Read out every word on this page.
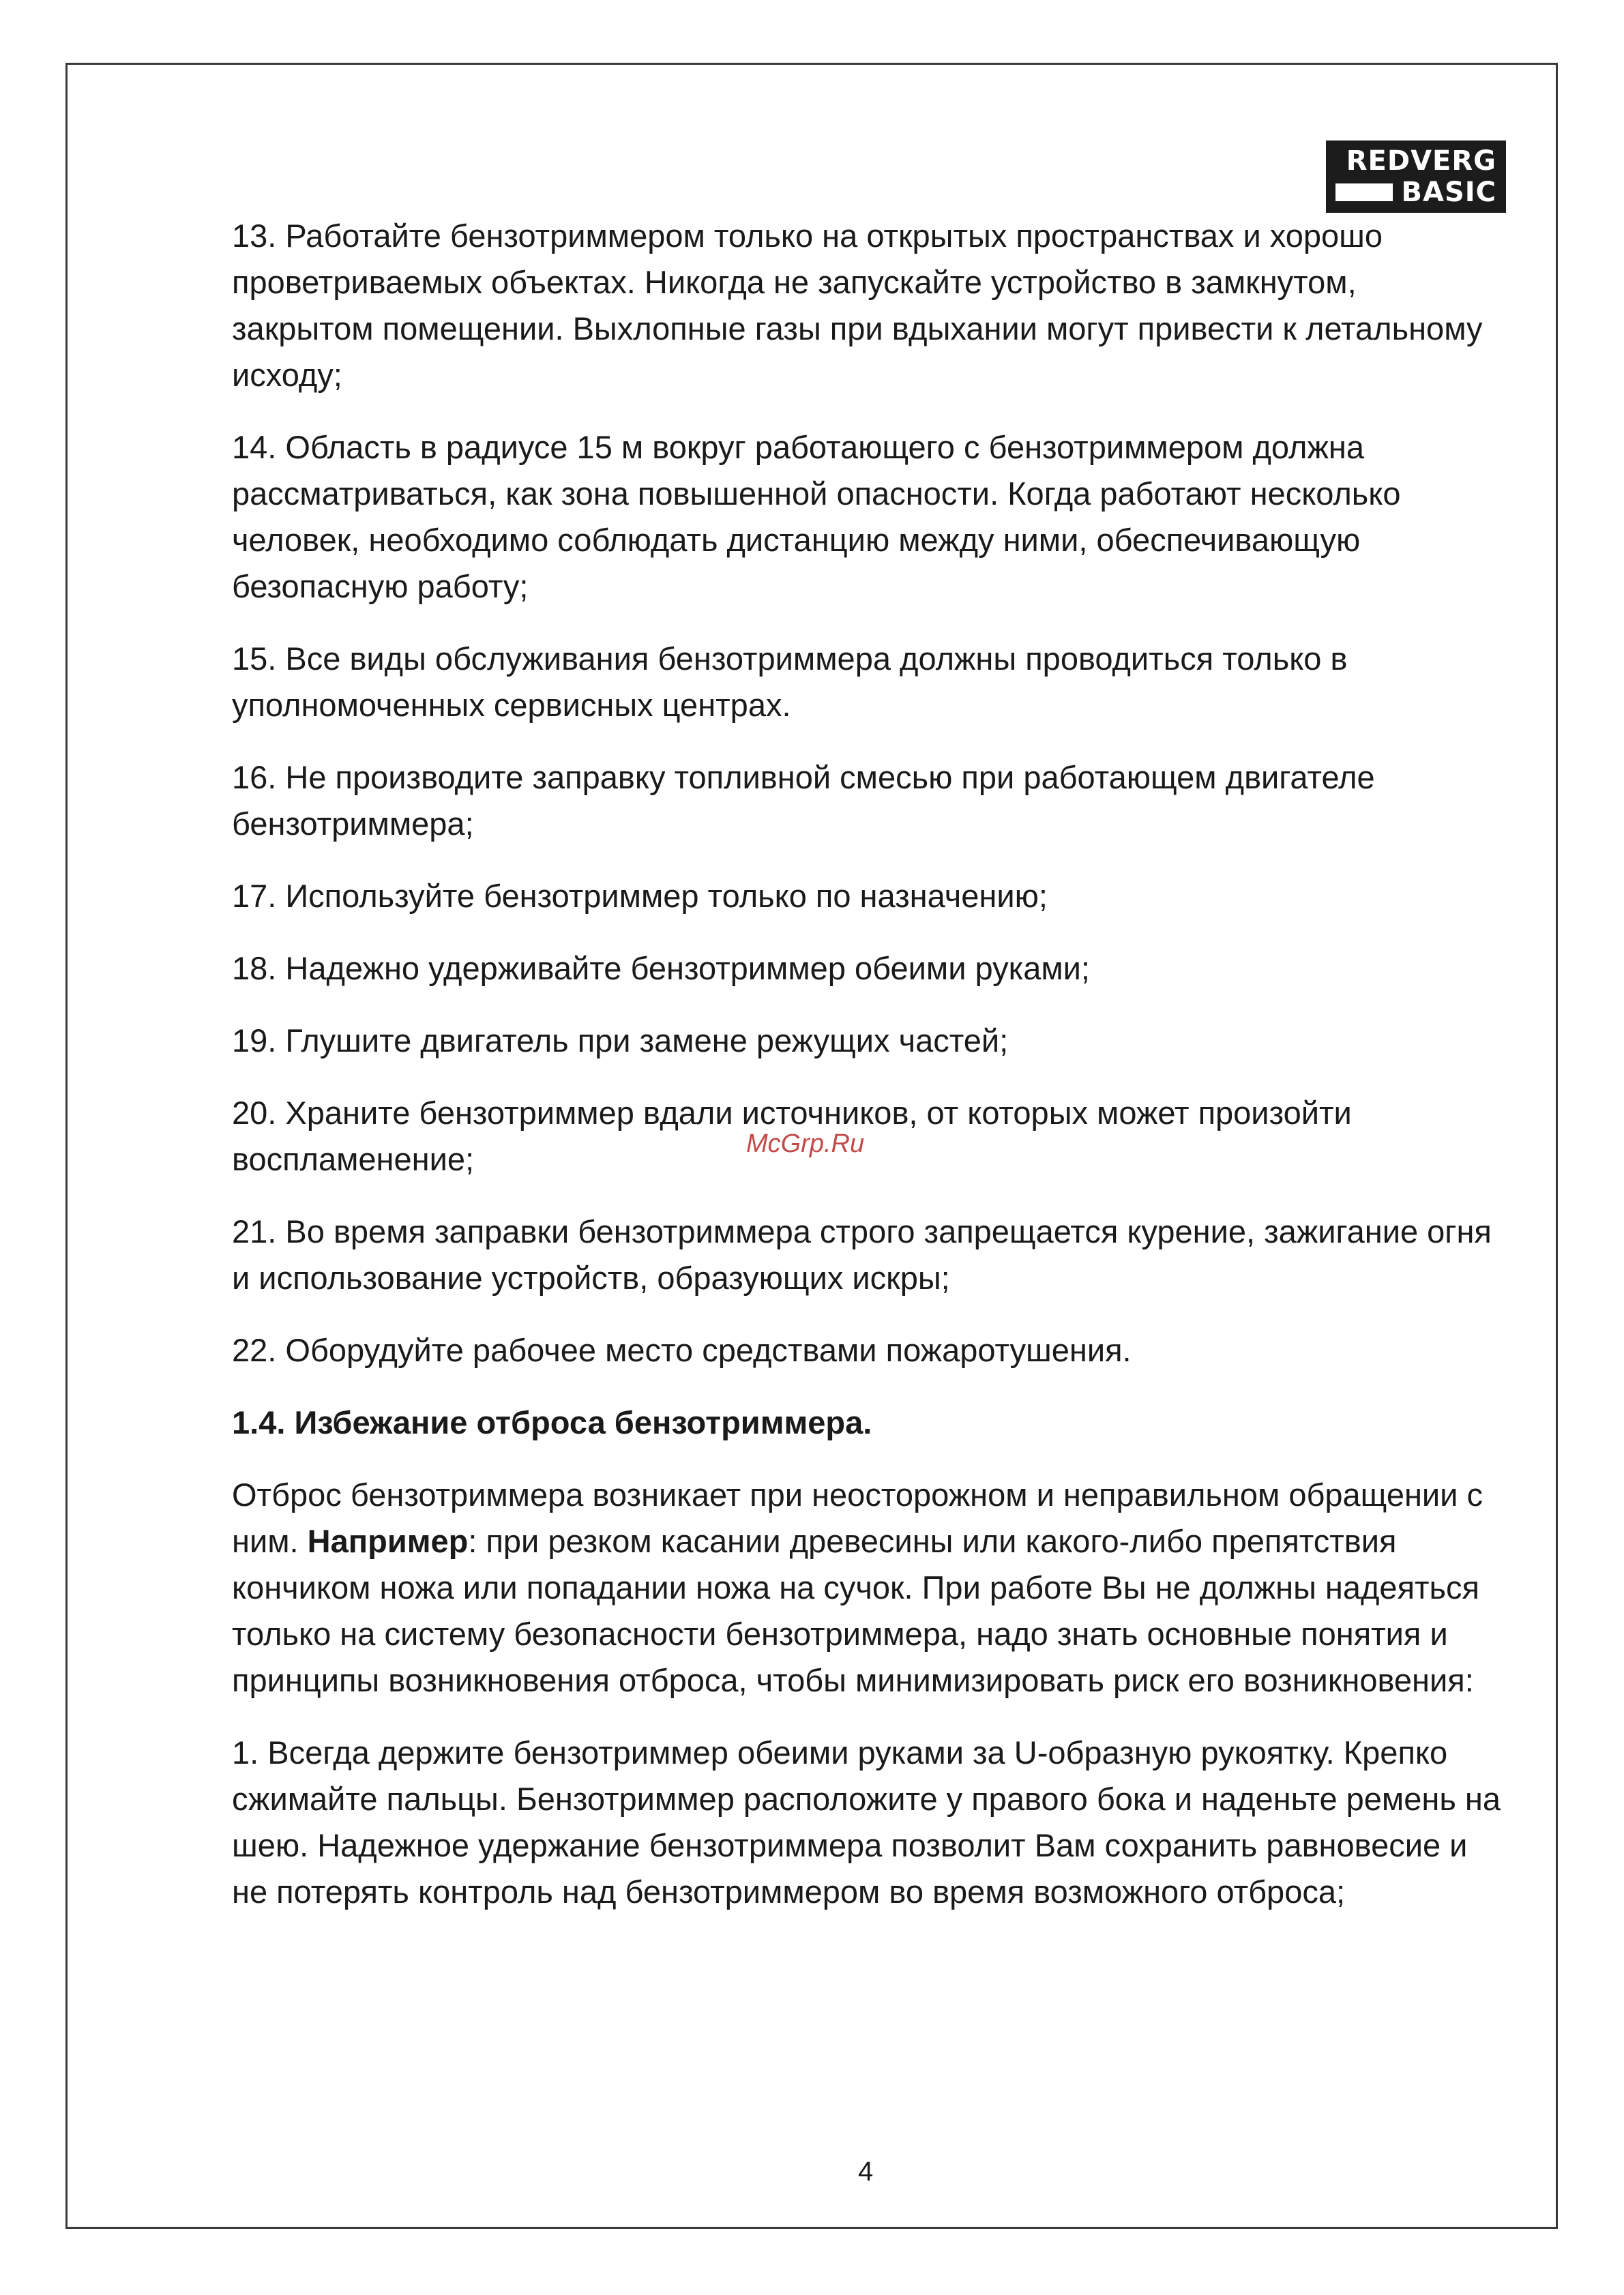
REDVERG
BASIC

13. Работайте бензотриммером только на открытых пространствах и хорошо проветриваемых объектах. Никогда не запускайте устройство в замкнутом, закрытом помещении. Выхлопные газы при вдыхании могут привести к летальному исходу;

14. Область в радиусе 15 м вокруг работающего с бензотриммером должна рассматриваться, как зона повышенной опасности. Когда работают несколько человек, необходимо соблюдать дистанцию между ними, обеспечивающую безопасную работу;

15. Все виды обслуживания бензотриммера должны проводиться только в уполномоченных сервисных центрах.

16. Не производите заправку топливной смесью при работающем двигателе бензотриммера;

17. Используйте бензотриммер только по назначению;

18. Надежно удерживайте бензотриммер обеими руками;

19. Глушите двигатель при замене режущих частей;

20. Храните бензотриммер вдали источников, от которых может произойти воспламенение;

21. Во время заправки бензотриммера строго запрещается курение, зажигание огня и использование устройств, образующих искры;

22. Оборудуйте рабочее место средствами пожаротушения.

1.4. Избежание отброса бензотриммера.

Отброс бензотриммера возникает при неосторожном и неправильном обращении с ним. Например: при резком касании древесины или какого-либо препятствия кончиком ножа или попадании ножа на сучок. При работе Вы не должны надеяться только на систему безопасности бензотриммера, надо знать основные понятия и принципы возникновения отброса, чтобы минимизировать риск его возникновения:

1. Всегда держите бензотриммер обеими руками за U-образную рукоятку. Крепко сжимайте пальцы. Бензотриммер расположите у правого бока и наденьте ремень на шею. Надежное удержание бензотриммера позволит Вам сохранить равновесие и не потерять контроль над бензотриммером во время возможного отброса;

McGrp.Ru
4
